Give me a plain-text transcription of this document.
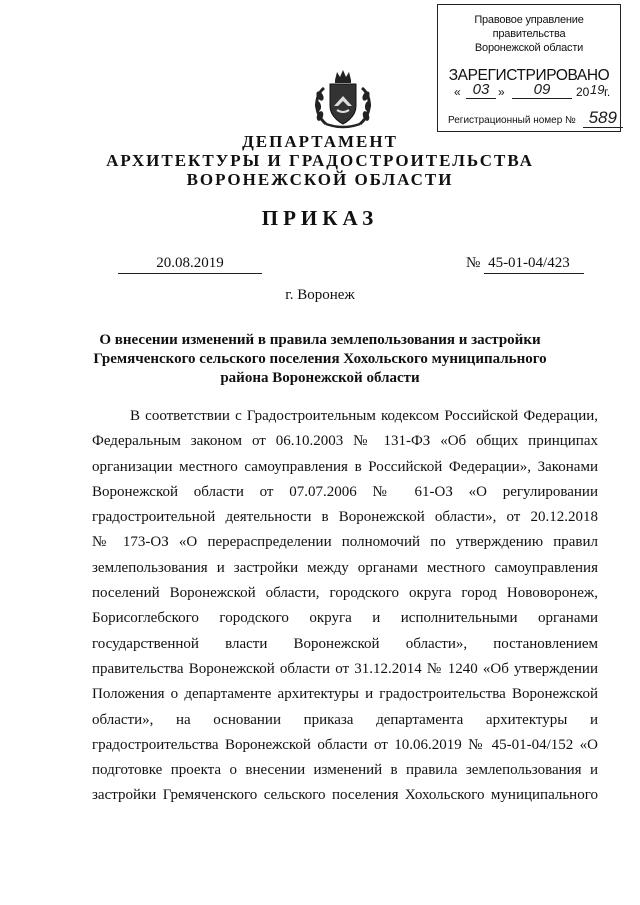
Правовое управление правительства
Воронежской области
ЗАРЕГИСТРИРОВАНО
« 03 »	09	20 19 г.
Регистрационный номер № 589
ДЕПАРТАМЕНТ
АРХИТЕКТУРЫ И ГРАДОСТРОИТЕЛЬСТВА
ВОРОНЕЖСКОЙ ОБЛАСТИ
ПРИКАЗ
20.08.2019	№ 45-01-04/423
г. Воронеж
О внесении изменений в правила землепользования и застройки
Гремяченского сельского поселения Хохольского муниципального
района Воронежской области
В соответствии с Градостроительным кодексом Российской Федерации,
Федеральным законом от 06.10.2003 № 131-ФЗ «Об общих принципах
организации местного самоуправления в Российской Федерации», Законами
Воронежской области от 07.07.2006 № 61-ОЗ «О регулировании
градостроительной деятельности в Воронежской области», от 20.12.2018
№ 173-ОЗ «О перераспределении полномочий по утверждению правил
землепользования и застройки между органами местного самоуправления
поселений Воронежской области, городского округа город Нововоронеж,
Борисоглебского городского округа и исполнительными органами
государственной власти Воронежской области», постановлением
правительства Воронежской области от 31.12.2014 № 1240 «Об утверждении
Положения о департаменте архитектуры и градостроительства Воронежской
области», на основании приказа департамента архитектуры и
градостроительства Воронежской области от 10.06.2019 № 45-01-04/152 «О
подготовке проекта о внесении изменений в правила землепользования и
застройки Гремяченского сельского поселения Хохольского муниципального
